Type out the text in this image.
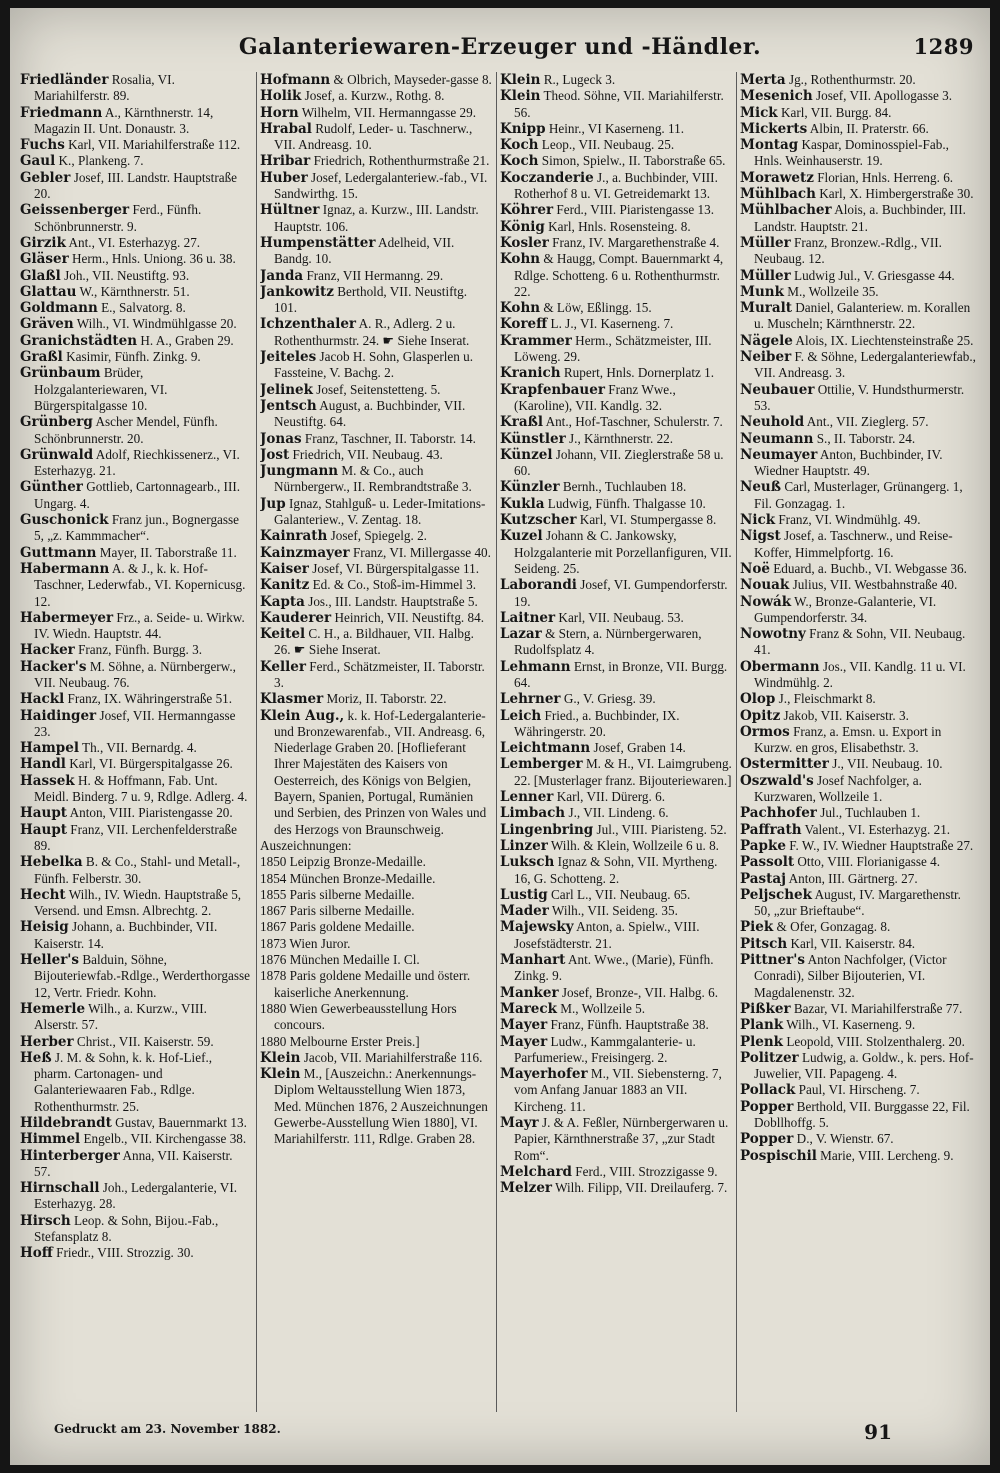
Galanteriewaren-Erzeuger und -Händler.	1289

Friedländer Rosalia, VI. Mariahilferstr. 89.

Friedmann A., Kärnthnerstr. 14, Magazin II. Unt. Donaustr. 3.

Fuchs Karl, VII. Mariahilferstraße 112.

Gaul K., Plankeng. 7.

Gebler Josef, III. Landstr. Hauptstraße 20.

Geissenberger Ferd., Fünfh. Schönbrunnerstr. 9.

Girzik Ant., VI. Esterhazyg. 27.

Gläser Herm., Hnls. Uniong. 36 u. 38.

Glaßl Joh., VII. Neustiftg. 93.

Glattau W., Kärnthnerstr. 51.

Goldmann E., Salvatorg. 8.

Gräven Wilh., VI. Windmühlgasse 20.

Granichstädten H. A., Graben 29.

Graßl Kasimir, Fünfh. Zinkg. 9.

Grünbaum Brüder, Holzgalanteriewaren, VI. Bürgerspitalgasse 10.

Grünberg Ascher Mendel, Fünfh. Schönbrunnerstr. 20.

Grünwald Adolf, Riechkissenerz., VI. Esterhazyg. 21.

Günther Gottlieb, Cartonnagearb., III. Ungarg. 4.

Guschonick Franz jun., Bognergasse 5, „z. Kammmacher“.

Guttmann Mayer, II. Taborstraße 11.

Habermann A. & J., k. k. Hof-Taschner, Lederwfab., VI. Kopernicusg. 12.

Habermeyer Frz., a. Seide- u. Wirkw. IV. Wiedn. Hauptstr. 44.

Hacker Franz, Fünfh. Burgg. 3.

Hacker's M. Söhne, a. Nürnbergerw., VII. Neubaug. 76.

Hackl Franz, IX. Währingerstraße 51.

Haidinger Josef, VII. Hermanngasse 23.

Hampel Th., VII. Bernardg. 4.

Handl Karl, VI. Bürgerspitalgasse 26.

Hassek H. & Hoffmann, Fab. Unt. Meidl. Binderg. 7 u. 9, Rdlge. Adlerg. 4.

Haupt Anton, VIII. Piaristengasse 20.

Haupt Franz, VII. Lerchenfelderstraße 89.

Hebelka B. & Co., Stahl- und Metall-, Fünfh. Felberstr. 30.

Hecht Wilh., IV. Wiedn. Hauptstraße 5, Versend. und Emsn. Albrechtg. 2.

Heisig Johann, a. Buchbinder, VII. Kaiserstr. 14.

Heller's Balduin, Söhne, Bijouteriewfab.-Rdlge., Werderthorgasse 12, Vertr. Friedr. Kohn.

Hemerle Wilh., a. Kurzw., VIII. Alserstr. 57.

Herber Christ., VII. Kaiserstr. 59.

Heß J. M. & Sohn, k. k. Hof-Lief., pharm. Cartonagen- und Galanteriewaaren Fab., Rdlge. Rothenthurmstr. 25.

Hildebrandt Gustav, Bauernmarkt 13.

Himmel Engelb., VII. Kirchengasse 38.

Hinterberger Anna, VII. Kaiserstr. 57.

Hirnschall Joh., Ledergalanterie, VI. Esterhazyg. 28.

Hirsch Leop. & Sohn, Bijou.-Fab., Stefansplatz 8.

Hoff Friedr., VIII. Strozzig. 30.

Hofmann & Olbrich, Mayseder-gasse 8.

Holik Josef, a. Kurzw., Rothg. 8.

Horn Wilhelm, VII. Hermanngasse 29.

Hrabal Rudolf, Leder- u. Taschnerw., VII. Andreasg. 10.

Hribar Friedrich, Rothenthurmstraße 21.

Huber Josef, Ledergalanteriew.-fab., VI. Sandwirthg. 15.

Hültner Ignaz, a. Kurzw., III. Landstr. Hauptstr. 106.

Humpenstätter Adelheid, VII. Bandg. 10.

Janda Franz, VII Hermanng. 29.

Jankowitz Berthold, VII. Neustiftg. 101.

Ichzenthaler A. R., Adlerg. 2 u. Rothenthurmstr. 24. ☛ Siehe Inserat.

Jeiteles Jacob H. Sohn, Glasperlen u. Fassteine, V. Bachg. 2.

Jelinek Josef, Seitenstetteng. 5.

Jentsch August, a. Buchbinder, VII. Neustiftg. 64.

Jonas Franz, Taschner, II. Taborstr. 14.

Jost Friedrich, VII. Neubaug. 43.

Jungmann M. & Co., auch Nürnbergerw., II. Rembrandtstraße 3.

Jup Ignaz, Stahlguß- u. Leder-Imitations-Galanteriew., V. Zentag. 18.

Kainrath Josef, Spiegelg. 2.

Kainzmayer Franz, VI. Millergasse 40.

Kaiser Josef, VI. Bürgerspitalgasse 11.

Kanitz Ed. & Co., Stoß-im-Himmel 3.

Kapta Jos., III. Landstr. Hauptstraße 5.

Kauderer Heinrich, VII. Neustiftg. 84.

Keitel C. H., a. Bildhauer, VII. Halbg. 26. ☛ Siehe Inserat.

Keller Ferd., Schätzmeister, II. Taborstr. 3.

Klasmer Moriz, II. Taborstr. 22.

Klein Aug., k. k. Hof-Ledergalanterie- und Bronzewarenfab., VII. Andreasg. 6, Niederlage Graben 20. [Hoflieferant Ihrer Majestäten des Kaisers von Oesterreich, des Königs von Belgien, Bayern, Spanien, Portugal, Rumänien und Serbien, des Prinzen von Wales und des Herzogs von Braunschweig.

Auszeichnungen:

1850 Leipzig Bronze-Medaille.

1854 München Bronze-Medaille.

1855 Paris silberne Medaille.

1867 Paris silberne Medaille.

1867 Paris goldene Medaille.

1873 Wien Juror.

1876 München Medaille I. Cl.

1878 Paris goldene Medaille und österr. kaiserliche Anerkennung.

1880 Wien Gewerbeausstellung Hors concours.

1880 Melbourne Erster Preis.]

Klein Jacob, VII. Mariahilferstraße 116.

Klein M., [Auszeichn.: Anerkennungs-Diplom Weltausstellung Wien 1873, Med. München 1876, 2 Auszeichnungen Gewerbe-Ausstellung Wien 1880], VI. Mariahilferstr. 111, Rdlge. Graben 28.

Klein R., Lugeck 3.

Klein Theod. Söhne, VII. Mariahilferstr. 56.

Knipp Heinr., VI Kaserneng. 11.

Koch Leop., VII. Neubaug. 25.

Koch Simon, Spielw., II. Taborstraße 65.

Koczanderie J., a. Buchbinder, VIII. Rotherhof 8 u. VI. Getreidemarkt 13.

Köhrer Ferd., VIII. Piaristengasse 13.

König Karl, Hnls. Rosensteing. 8.

Kosler Franz, IV. Margarethenstraße 4.

Kohn & Haugg, Compt. Bauernmarkt 4, Rdlge. Schotteng. 6 u. Rothenthurmstr. 22.

Kohn & Löw, Eßlingg. 15.

Koreff L. J., VI. Kaserneng. 7.

Krammer Herm., Schätzmeister, III. Löweng. 29.

Kranich Rupert, Hnls. Dornerplatz 1.

Krapfenbauer Franz Wwe., (Karoline), VII. Kandlg. 32.

Kraßl Ant., Hof-Taschner, Schulerstr. 7.

Künstler J., Kärnthnerstr. 22.

Künzel Johann, VII. Zieglerstraße 58 u. 60.

Künzler Bernh., Tuchlauben 18.

Kukla Ludwig, Fünfh. Thalgasse 10.

Kutzscher Karl, VI. Stumpergasse 8.

Kuzel Johann & C. Jankowsky, Holzgalanterie mit Porzellanfiguren, VII. Seideng. 25.

Laborandi Josef, VI. Gumpendorferstr. 19.

Laitner Karl, VII. Neubaug. 53.

Lazar & Stern, a. Nürnbergerwaren, Rudolfsplatz 4.

Lehmann Ernst, in Bronze, VII. Burgg. 64.

Lehrner G., V. Griesg. 39.

Leich Fried., a. Buchbinder, IX. Währingerstr. 20.

Leichtmann Josef, Graben 14.

Lemberger M. & H., VI. Laimgrubeng. 22. [Musterlager franz. Bijouteriewaren.]

Lenner Karl, VII. Dürerg. 6.

Limbach J., VII. Lindeng. 6.

Lingenbring Jul., VIII. Piaristeng. 52.

Linzer Wilh. & Klein, Wollzeile 6 u. 8.

Luksch Ignaz & Sohn, VII. Myrtheng. 16, G. Schotteng. 2.

Lustig Carl L., VII. Neubaug. 65.

Mader Wilh., VII. Seideng. 35.

Majewsky Anton, a. Spielw., VIII. Josefstädterstr. 21.

Manhart Ant. Wwe., (Marie), Fünfh. Zinkg. 9.

Manker Josef, Bronze-, VII. Halbg. 6.

Mareck M., Wollzeile 5.

Mayer Franz, Fünfh. Hauptstraße 38.

Mayer Ludw., Kammgalanterie- u. Parfumeriew., Freisingerg. 2.

Mayerhofer M., VII. Siebensterng. 7, vom Anfang Januar 1883 an VII. Kircheng. 11.

Mayr J. & A. Feßler, Nürnbergerwaren u. Papier, Kärnthnerstraße 37, „zur Stadt Rom“.

Melchard Ferd., VIII. Strozzigasse 9.

Melzer Wilh. Filipp, VII. Dreilauferg. 7.

Merta Jg., Rothenthurmstr. 20.

Mesenich Josef, VII. Apollogasse 3.

Mick Karl, VII. Burgg. 84.

Mickerts Albin, II. Praterstr. 66.

Montag Kaspar, Dominosspiel-Fab., Hnls. Weinhauserstr. 19.

Morawetz Florian, Hnls. Herreng. 6.

Mühlbach Karl, X. Himbergerstraße 30.

Mühlbacher Alois, a. Buchbinder, III. Landstr. Hauptstr. 21.

Müller Franz, Bronzew.-Rdlg., VII. Neubaug. 12.

Müller Ludwig Jul., V. Griesgasse 44.

Munk M., Wollzeile 35.

Muralt Daniel, Galanteriew. m. Korallen u. Muscheln; Kärnthnerstr. 22.

Nägele Alois, IX. Liechtensteinstraße 25.

Neiber F. & Söhne, Ledergalanteriewfab., VII. Andreasg. 3.

Neubauer Ottilie, V. Hundsthurmerstr. 53.

Neuhold Ant., VII. Zieglerg. 57.

Neumann S., II. Taborstr. 24.

Neumayer Anton, Buchbinder, IV. Wiedner Hauptstr. 49.

Neuß Carl, Musterlager, Grünangerg. 1, Fil. Gonzagag. 1.

Nick Franz, VI. Windmühlg. 49.

Nigst Josef, a. Taschnerw., und Reise-Koffer, Himmelpfortg. 16.

Noë Eduard, a. Buchb., VI. Webgasse 36.

Nouak Julius, VII. Westbahnstraße 40.

Nowák W., Bronze-Galanterie, VI. Gumpendorferstr. 34.

Nowotny Franz & Sohn, VII. Neubaug. 41.

Obermann Jos., VII. Kandlg. 11 u. VI. Windmühlg. 2.

Olop J., Fleischmarkt 8.

Opitz Jakob, VII. Kaiserstr. 3.

Ormos Franz, a. Emsn. u. Export in Kurzw. en gros, Elisabethstr. 3.

Ostermitter J., VII. Neubaug. 10.

Oszwald's Josef Nachfolger, a. Kurzwaren, Wollzeile 1.

Pachhofer Jul., Tuchlauben 1.

Paffrath Valent., VI. Esterhazyg. 21.

Papke F. W., IV. Wiedner Hauptstraße 27.

Passolt Otto, VIII. Florianigasse 4.

Pastaj Anton, III. Gärtnerg. 27.

Peljschek August, IV. Margarethenstr. 50, „zur Brieftaube“.

Piek & Ofer, Gonzagag. 8.

Pitsch Karl, VII. Kaiserstr. 84.

Pittner's Anton Nachfolger, (Victor Conradi), Silber Bijouterien, VI. Magdalenenstr. 32.

Pißker Bazar, VI. Mariahilferstraße 77.

Plank Wilh., VI. Kaserneng. 9.

Plenk Leopold, VIII. Stolzenthalerg. 20.

Politzer Ludwig, a. Goldw., k. pers. Hof-Juwelier, VII. Papageng. 4.

Pollack Paul, VI. Hirscheng. 7.

Popper Berthold, VII. Burggasse 22, Fil. Dobllhoffg. 5.

Popper D., V. Wienstr. 67.

Pospischil Marie, VIII. Lercheng. 9.

Gedruckt am 23. November 1882.	91
